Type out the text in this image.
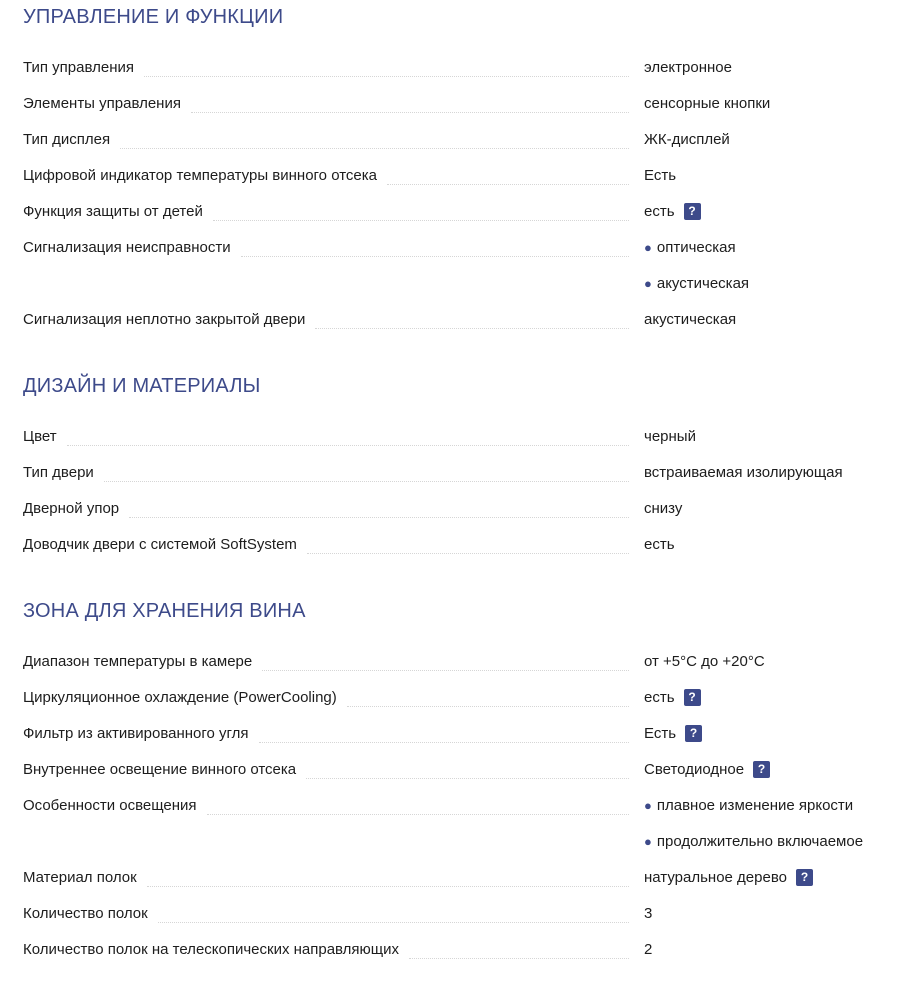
УПРАВЛЕНИЕ И ФУНКЦИИ
Тип управления	электронное
Элементы управления	сенсорные кнопки
Тип дисплея	ЖК-дисплей
Цифровой индикатор температуры винного отсека	Есть
Функция защиты от детей	есть	?
Сигнализация неисправности	● оптическая
● акустическая
Сигнализация неплотно закрытой двери	акустическая
ДИЗАЙН И МАТЕРИАЛЫ
Цвет	черный
Тип двери	встраиваемая изолирующая
Дверной упор	снизу
Доводчик двери с системой SoftSystem	есть
ЗОНА ДЛЯ ХРАНЕНИЯ ВИНА
Диапазон температуры в камере	от +5°C до +20°C
Циркуляционное охлаждение (PowerCooling)	есть	?
Фильтр из активированного угля	Есть	?
Внутреннее освещение винного отсека	Светодиодное	?
Особенности освещения	● плавное изменение яркости
● продолжительно включаемое
Материал полок	натуральное дерево	?
Количество полок	3
Количество полок на телескопических направляющих	2
